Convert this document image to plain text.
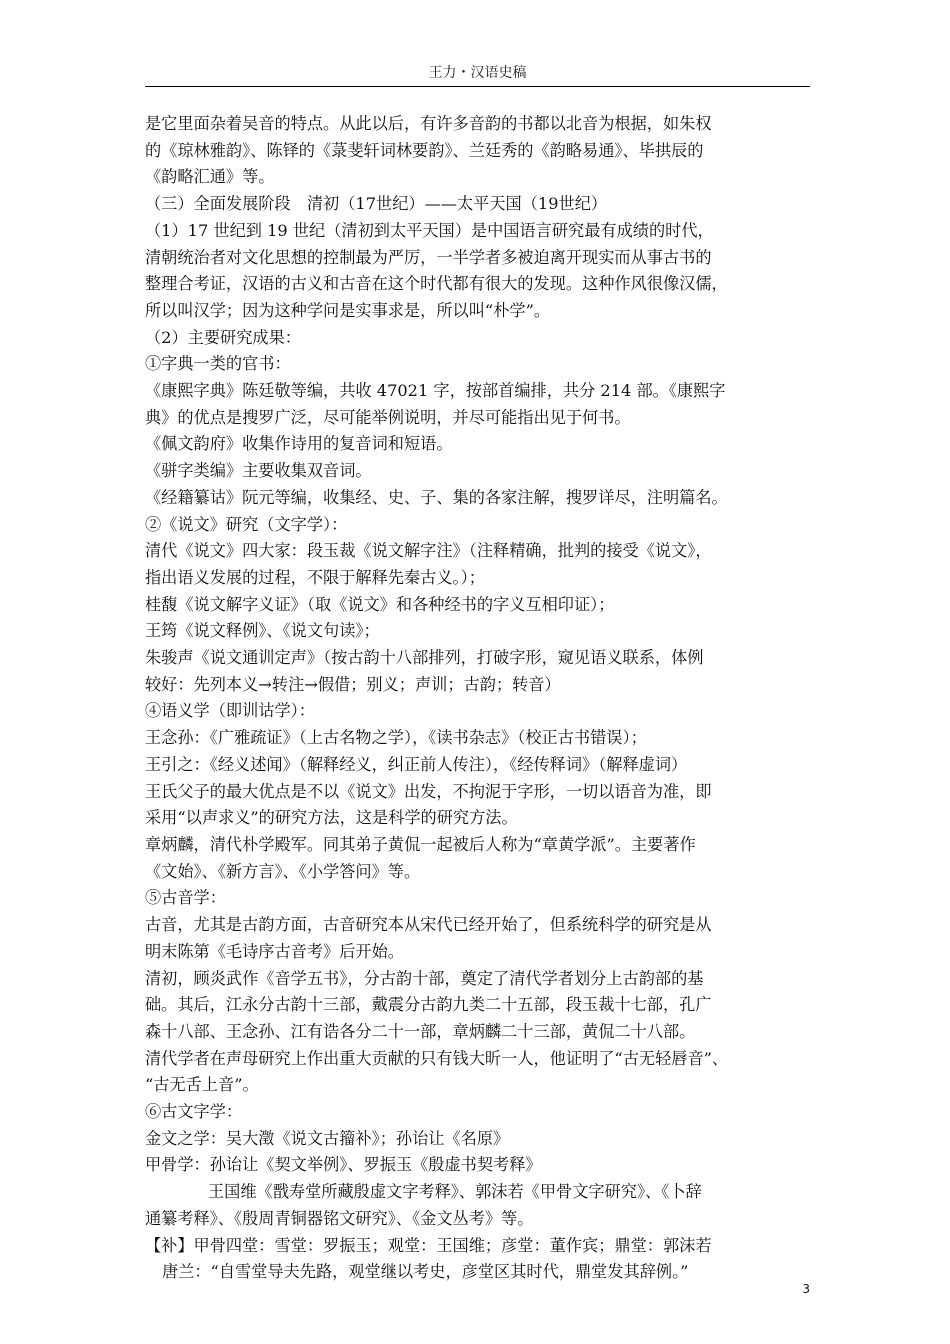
王力・汉语史稿

是它里面杂着吴音的特点。从此以后，有许多音韵的书都以北音为根据，如朱权

的《琼林雅韵》、陈铎的《菉斐轩词林要韵》、兰廷秀的《韵略易通》、毕拱辰的

《韵略汇通》等。

（三）全面发展阶段　清初（17世纪）——太平天国（19世纪）

（1）17 世纪到 19 世纪（清初到太平天国）是中国语言研究最有成绩的时代，

清朝统治者对文化思想的控制最为严厉，一半学者多被迫离开现实而从事古书的

整理合考证，汉语的古义和古音在这个时代都有很大的发现。这种作风很像汉儒，

所以叫汉学；因为这种学问是实事求是，所以叫“朴学”。

（2）主要研究成果：

①字典一类的官书：

《康熙字典》陈廷敬等编，共收 47021 字，按部首编排，共分 214 部。《康熙字

典》的优点是搜罗广泛，尽可能举例说明，并尽可能指出见于何书。

《佩文韵府》收集作诗用的复音词和短语。

《骈字类编》主要收集双音词。

《经籍纂诂》阮元等编，收集经、史、子、集的各家注解，搜罗详尽，注明篇名。

②《说文》研究（文字学）：

清代《说文》四大家：段玉裁《说文解字注》（注释精确，批判的接受《说文》，

指出语义发展的过程，不限于解释先秦古义。）；

桂馥《说文解字义证》（取《说文》和各种经书的字义互相印证）；

王筠《说文释例》、《说文句读》；

朱骏声《说文通训定声》（按古韵十八部排列，打破字形，窥见语义联系，体例

较好：先列本义→转注→假借；别义；声训；古韵；转音）

④语义学（即训诂学）：

王念孙：《广雅疏证》（上古名物之学），《读书杂志》（校正古书错误）；

王引之：《经义述闻》（解释经义，纠正前人传注），《经传释词》（解释虚词）

王氏父子的最大优点是不以《说文》出发，不拘泥于字形，一切以语音为准，即

采用“以声求义”的研究方法，这是科学的研究方法。

章炳麟，清代朴学殿军。同其弟子黄侃一起被后人称为“章黄学派”。主要著作

《文始》、《新方言》、《小学答问》等。

⑤古音学：

古音，尤其是古韵方面，古音研究本从宋代已经开始了，但系统科学的研究是从

明末陈第《毛诗序古音考》后开始。

清初，顾炎武作《音学五书》，分古韵十部，奠定了清代学者划分上古韵部的基

础。其后，江永分古韵十三部，戴震分古韵九类二十五部，段玉裁十七部，孔广

森十八部、王念孙、江有诰各分二十一部，章炳麟二十三部，黄侃二十八部。

清代学者在声母研究上作出重大贡献的只有钱大昕一人，他证明了“古无轻唇音”、

“古无舌上音”。

⑥古文字学：

金文之学：吴大澂《说文古籀补》；孙诒让《名原》

甲骨学：孙诒让《契文举例》、罗振玉《殷虚书契考释》

王国维《戬寿堂所藏殷虚文字考释》、郭沫若《甲骨文字研究》、《卜辞

通纂考释》、《殷周青铜器铭文研究》、《金文丛考》等。

【补】甲骨四堂：雪堂：罗振玉；观堂：王国维；彦堂：董作宾；鼎堂：郭沫若

唐兰：“自雪堂导夫先路，观堂继以考史，彦堂区其时代，鼎堂发其辞例。”

3
